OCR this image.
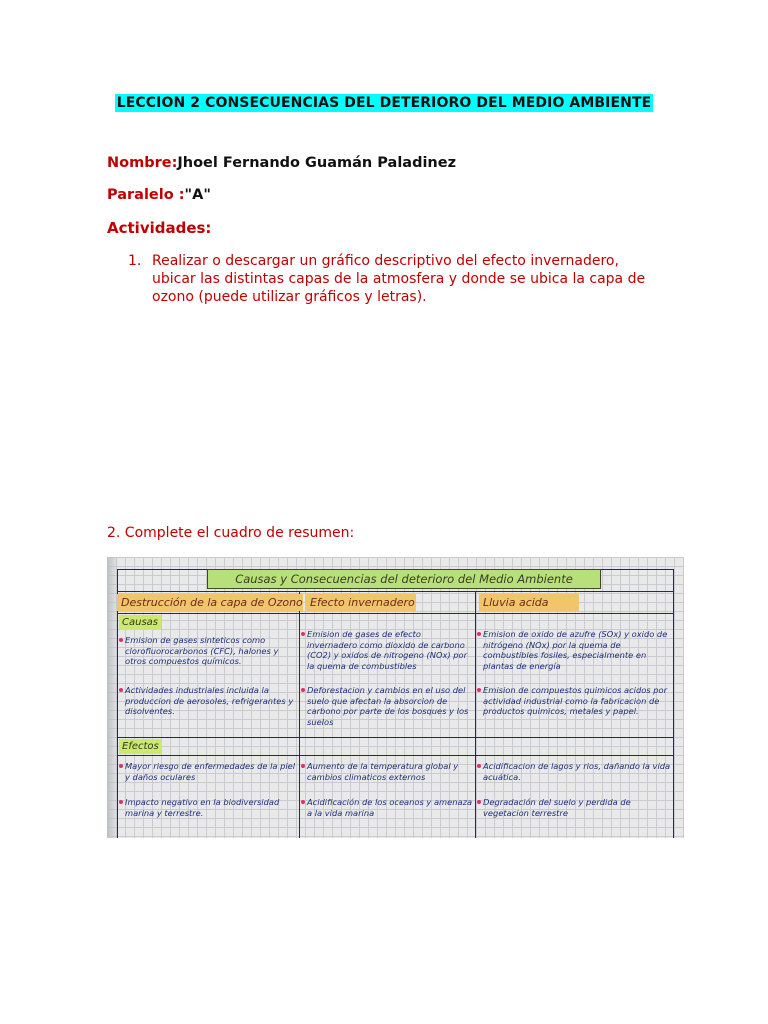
LECCION 2 CONSECUENCIAS DEL DETERIORO DEL MEDIO AMBIENTE
Nombre:Jhoel Fernando Guamán Paladinez
Paralelo :"A"
Actividades:
1. Realizar o descargar un gráfico descriptivo del efecto invernadero, ubicar las distintas capas de la atmosfera y donde se ubica la capa de ozono (puede utilizar gráficos y letras).
2. Complete el cuadro de resumen:
Causas y Consecuencias del deterioro del Medio Ambiente
Destrucción de la capa de Ozono Efecto invernadero	Lluvia acida
Causas
Emision de gases sinteticos como clorofluorocarbonos (CFC), halones y otros compuestos químicos.
Emision de gases de efecto invernadero como dioxido de carbono (CO2) y oxidos de nitrogeno (NOx) por la quema de combustibles
Emision de oxido de azufre (SOx) y oxido de nitrógeno (NOx) por la quema de combustibles fosiles, especialmente en plantas de energía
Actividades industriales incluida la produccion de aerosoles, refrigerantes y disolventes.
Deforestacion y cambios en el uso del suelo que afectan la absorcion de carbono por parte de los bosques y los suelos
Emision de compuestos quimicos acidos por actividad industrial como la fabricacion de productos quimicos, metales y papel.
Efectos
Mayor riesgo de enfermedades de la piel y daños oculares
Aumento de la temperatura global y cambios climaticos externos
Acidificacion de lagos y rios, dañando la vida acuática.
Impacto negativo en la biodiversidad marina y terrestre.
Acidificación de los oceanos y amenaza a la vida marina
Degradación del suelo y perdida de vegetacion terrestre
